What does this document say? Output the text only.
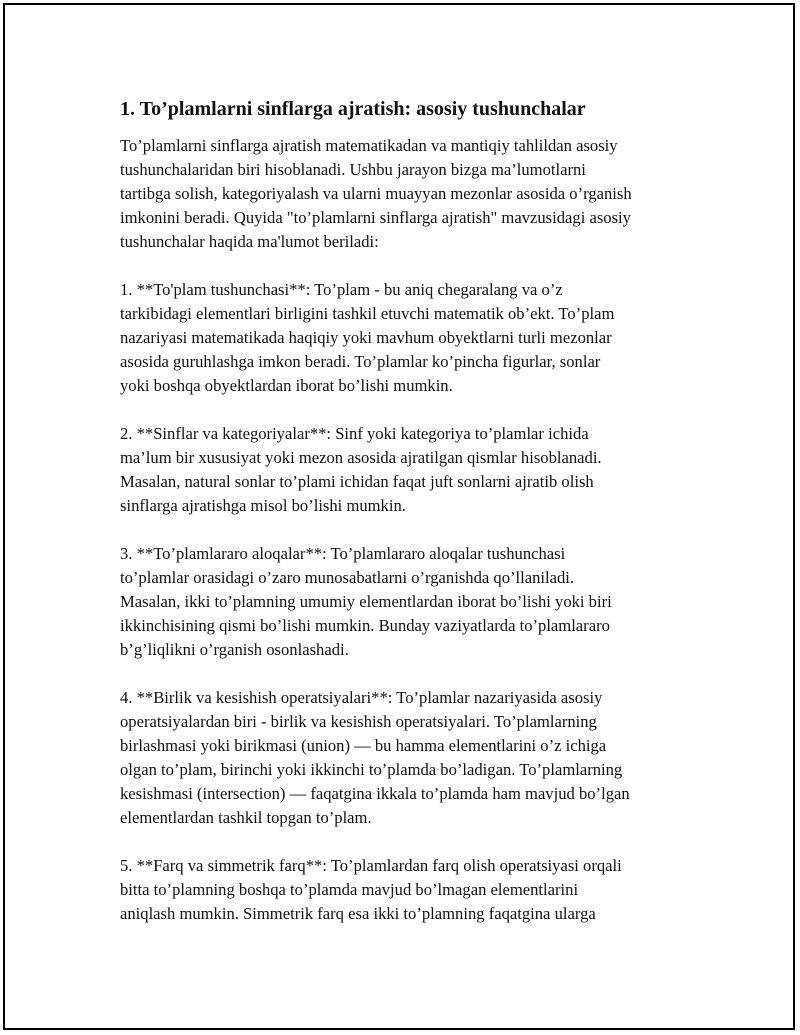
1. To’plamlarni sinflarga ajratish: asosiy tushunchalar
To’plamlarni sinflarga ajratish matematikadan va mantiqiy tahlildan asosiy
tushunchalaridan biri hisoblanadi. Ushbu jarayon bizga ma’lumotlarni
tartibga solish, kategoriyalash va ularni muayyan mezonlar asosida o’rganish
imkonini beradi. Quyida "to’plamlarni sinflarga ajratish" mavzusidagi asosiy
tushunchalar haqida ma'lumot beriladi:
1. **To'plam tushunchasi**: To’plam - bu aniq chegaralang va o’z
tarkibidagi elementlari birligini tashkil etuvchi matematik ob’ekt. To’plam
nazariyasi matematikada haqiqiy yoki mavhum obyektlarni turli mezonlar
asosida guruhlashga imkon beradi. To’plamlar ko’pincha figurlar, sonlar
yoki boshqa obyektlardan iborat bo’lishi mumkin.
2. **Sinflar va kategoriyalar**: Sinf yoki kategoriya to’plamlar ichida
ma’lum bir xususiyat yoki mezon asosida ajratilgan qismlar hisoblanadi.
Masalan, natural sonlar to’plami ichidan faqat juft sonlarni ajratib olish
sinflarga ajratishga misol bo’lishi mumkin.
3. **To’plamlararo aloqalar**: To’plamlararo aloqalar tushunchasi
to’plamlar orasidagi o’zaro munosabatlarni o’rganishda qo’llaniladi.
Masalan, ikki to’plamning umumiy elementlardan iborat bo’lishi yoki biri
ikkinchisining qismi bo’lishi mumkin. Bunday vaziyatlarda to’plamlararo
b’g’liqlikni o’rganish osonlashadi.
4. **Birlik va kesishish operatsiyalari**: To’plamlar nazariyasida asosiy
operatsiyalardan biri - birlik va kesishish operatsiyalari. To’plamlarning
birlashmasi yoki birikmasi (union) — bu hamma elementlarini o’z ichiga
olgan to’plam, birinchi yoki ikkinchi to’plamda bo’ladigan. To’plamlarning
kesishmasi (intersection) — faqatgina ikkala to’plamda ham mavjud bo’lgan
elementlardan tashkil topgan to’plam.
5. **Farq va simmetrik farq**: To’plamlardan farq olish operatsiyasi orqali
bitta to’plamning boshqa to’plamda mavjud bo’lmagan elementlarini
aniqlash mumkin. Simmetrik farq esa ikki to’plamning faqatgina ularga
